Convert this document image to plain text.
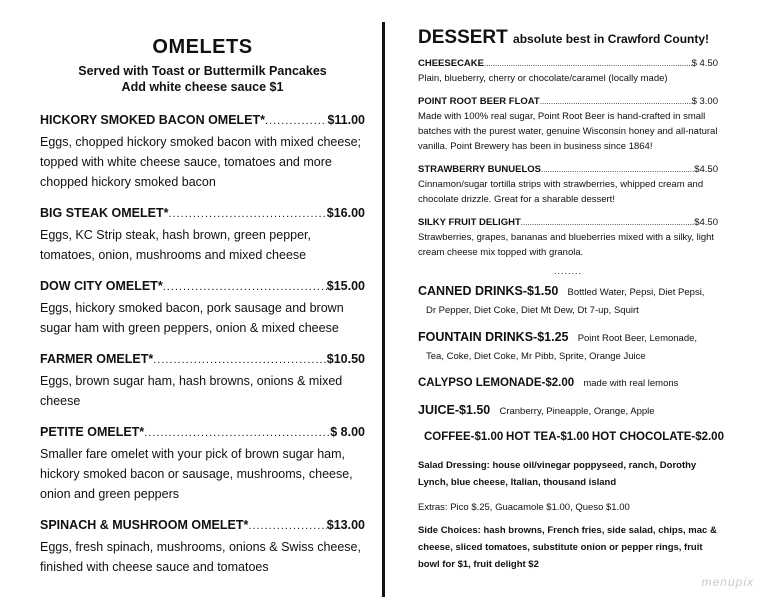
OMELETS
Served with Toast or Buttermilk Pancakes
Add white cheese sauce $1
HICKORY SMOKED BACON OMELET* .....	$11.00
Eggs, chopped hickory smoked bacon with mixed cheese; topped with white cheese sauce, tomatoes and more chopped hickory smoked bacon
BIG STEAK OMELET* .....	$16.00
Eggs, KC Strip steak, hash brown, green pepper, tomatoes, onion, mushrooms and mixed cheese
DOW CITY OMELET* .....	$15.00
Eggs, hickory smoked bacon, pork sausage and brown sugar ham with green peppers, onion & mixed cheese
FARMER OMELET* .....	$10.50
Eggs, brown sugar ham, hash browns, onions & mixed cheese
PETITE OMELET* .....	$ 8.00
Smaller fare omelet with your pick of brown sugar ham, hickory smoked bacon or sausage, mushrooms, cheese, onion and green peppers
SPINACH & MUSHROOM OMELET* .....	$13.00
Eggs, fresh spinach, mushrooms, onions & Swiss cheese, finished with cheese sauce and tomatoes
DESSERT absolute best in Crawford County!
CHEESECAKE .....	$ 4.50
Plain, blueberry, cherry or chocolate/caramel (locally made)
POINT ROOT BEER FLOAT .....	$ 3.00
Made with 100% real sugar, Point Root Beer is hand-crafted in small batches with the purest water, genuine Wisconsin honey and all-natural vanilla. Point Brewery has been in business since 1864!
STRAWBERRY BUNUELOS .....	$4.50
Cinnamon/sugar tortilla strips with strawberries, whipped cream and chocolate drizzle. Great for a sharable dessert!
SILKY FRUIT DELIGHT .....	$4.50
Strawberries, grapes, bananas and blueberries mixed with a silky, light cream cheese mix topped with granola.
........
CANNED DRINKS-$1.50 Bottled Water, Pepsi, Diet Pepsi,
Dr Pepper, Diet Coke, Diet Mt Dew, Dt 7-up, Squirt
FOUNTAIN DRINKS-$1.25 Point Root Beer, Lemonade,
Tea, Coke, Diet Coke, Mr Pibb, Sprite, Orange Juice
CALYPSO LEMONADE-$2.00 made with real lemons
JUICE-$1.50 Cranberry, Pineapple, Orange, Apple
COFFEE-$1.00 HOT TEA-$1.00 HOT CHOCOLATE-$2.00
Salad Dressing: house oil/vinegar poppyseed, ranch, Dorothy Lynch, blue cheese, Italian, thousand island
Extras: Pico $.25, Guacamole $1.00, Queso $1.00
Side Choices: hash browns, French fries, side salad, chips, mac & cheese, sliced tomatoes, substitute onion or pepper rings, fruit bowl for $1, fruit delight $2
menupix
